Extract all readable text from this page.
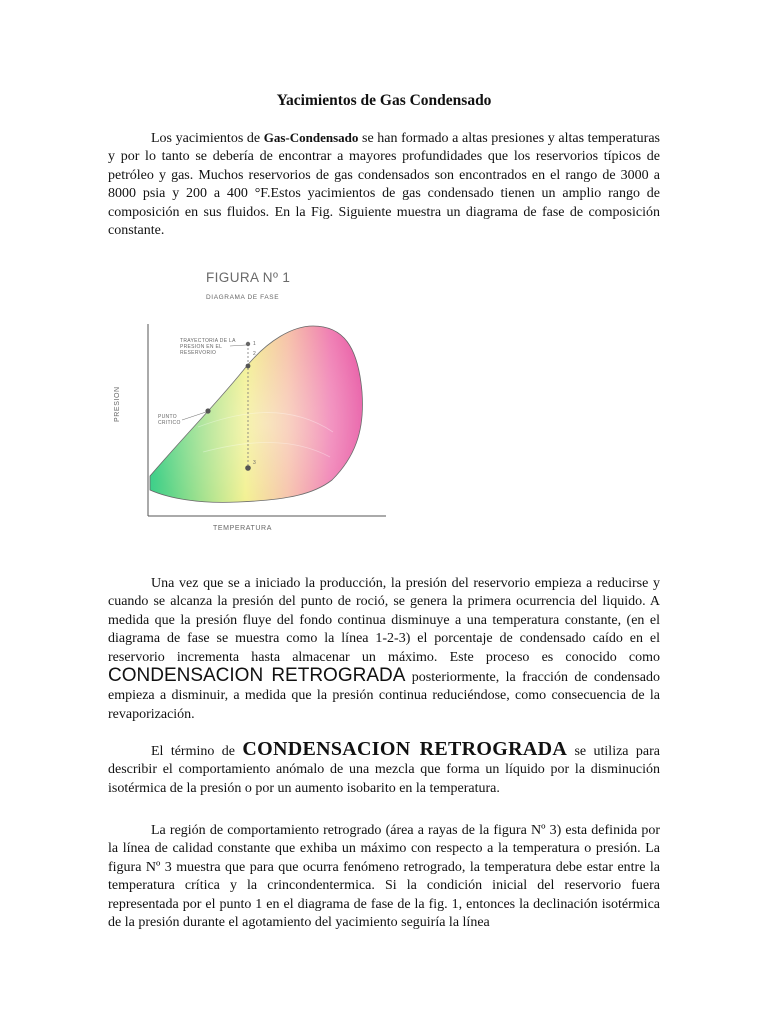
Yacimientos de Gas Condensado

Los yacimientos de Gas-Condensado se han formado a altas presiones y altas temperaturas y por lo tanto se debería de encontrar a mayores profundidades que los reservorios típicos de petróleo y gas. Muchos reservorios de gas condensados son encontrados en el rango de 3000 a 8000 psia y 200 a 400 °F.Estos yacimientos de gas condensado tienen un amplio rango de composición en sus fluidos. En la Fig. Siguiente muestra un diagrama de fase de composición constante.

FIGURA Nº 1
DIAGRAMA DE FASE
TRAYECTORIA DE LA PRESION EN EL RESERVORIO
PUNTO CRITICO
1
2
3
TEMPERATURA
PRESION

Una vez que se a iniciado la producción, la presión del reservorio empieza a reducirse y cuando se alcanza la presión del punto de roció, se genera la primera ocurrencia del liquido. A medida que la presión fluye del fondo continua disminuye a una temperatura constante, (en el diagrama de fase se muestra como la línea 1-2-3) el porcentaje de condensado caído en el reservorio incrementa hasta almacenar un máximo. Este proceso es conocido como CONDENSACION RETROGRADA posteriormente, la fracción de condensado empieza a disminuir, a medida que la presión continua reduciéndose, como consecuencia de la revaporización.

El término de CONDENSACION RETROGRADA se utiliza para describir el comportamiento anómalo de una mezcla que forma un líquido por la disminución isotérmica de la presión o por un aumento isobarito en la temperatura.

La región de comportamiento retrogrado (área a rayas de la figura Nº 3) esta definida por la línea de calidad constante que exhiba un máximo con respecto a la temperatura o presión. La figura Nº 3 muestra que para que ocurra fenómeno retrogrado, la temperatura debe estar entre la temperatura crítica y la crincondentermica. Si la condición inicial del reservorio fuera representada por el punto 1 en el diagrama de fase de la fig. 1, entonces la declinación isotérmica de la presión durante el agotamiento del yacimiento seguiría la línea
